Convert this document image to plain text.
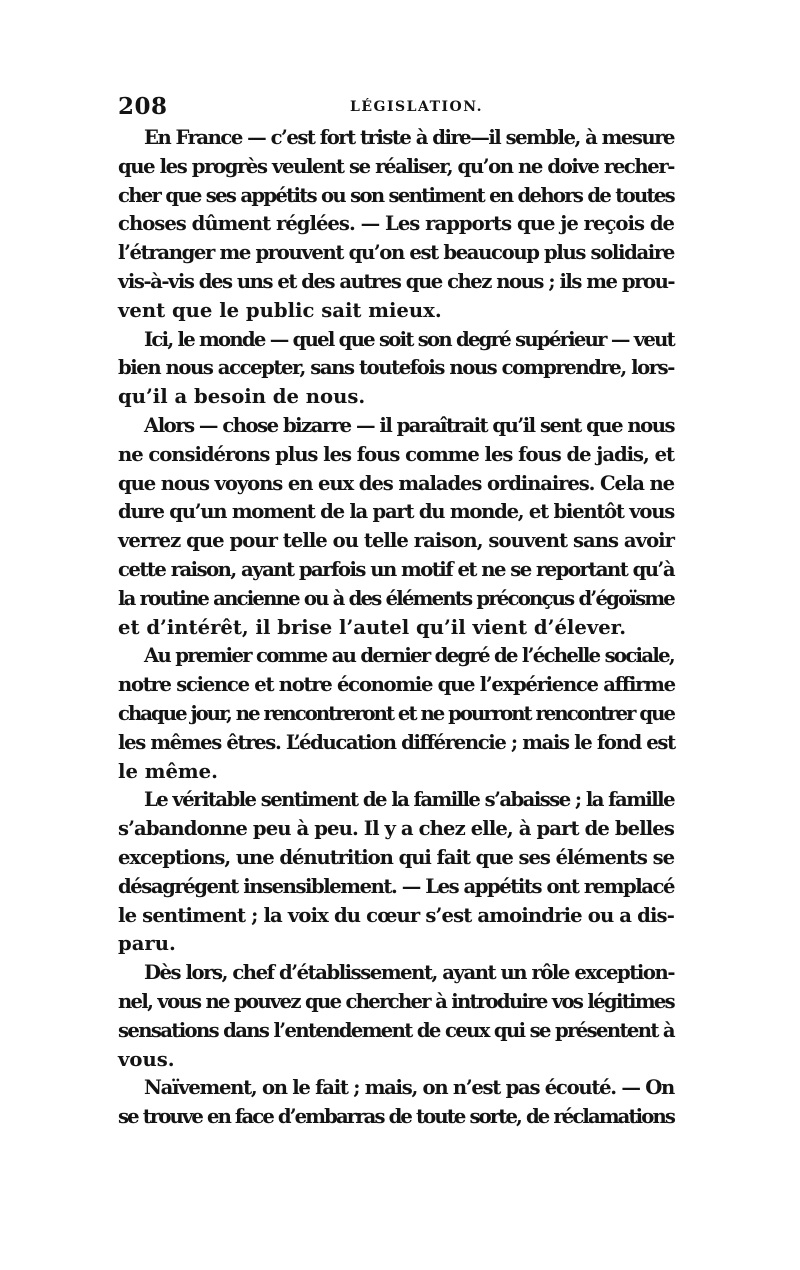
208	LÉGISLATION.
En France — c’est fort triste à dire—il semble, à mesure
que les progrès veulent se réaliser, qu’on ne doive recher-
cher que ses appétits ou son sentiment en dehors de toutes
choses dûment réglées. — Les rapports que je reçois de
l’étranger me prouvent qu’on est beaucoup plus solidaire
vis-à-vis des uns et des autres que chez nous ; ils me prou-
vent que le public sait mieux.
Ici, le monde — quel que soit son degré supérieur — veut
bien nous accepter, sans toutefois nous comprendre, lors-
qu’il a besoin de nous.
Alors — chose bizarre — il paraîtrait qu’il sent que nous
ne considérons plus les fous comme les fous de jadis, et
que nous voyons en eux des malades ordinaires. Cela ne
dure qu’un moment de la part du monde, et bientôt vous
verrez que pour telle ou telle raison, souvent sans avoir
cette raison, ayant parfois un motif et ne se reportant qu’à
la routine ancienne ou à des éléments préconçus d’égoïsme
et d’intérêt, il brise l’autel qu’il vient d’élever.
Au premier comme au dernier degré de l’échelle sociale,
notre science et notre économie que l’expérience affirme
chaque jour, ne rencontreront et ne pourront rencontrer que
les mêmes êtres. L’éducation différencie ; mais le fond est
le même.
Le véritable sentiment de la famille s’abaisse ; la famille
s’abandonne peu à peu. Il y a chez elle, à part de belles
exceptions, une dénutrition qui fait que ses éléments se
désagrégent insensiblement. — Les appétits ont remplacé
le sentiment ; la voix du cœur s’est amoindrie ou a dis-
paru.
Dès lors, chef d’établissement, ayant un rôle exception-
nel, vous ne pouvez que chercher à introduire vos légitimes
sensations dans l’entendement de ceux qui se présentent à
vous.
Naïvement, on le fait ; mais, on n’est pas écouté. — On
se trouve en face d’embarras de toute sorte, de réclamations
